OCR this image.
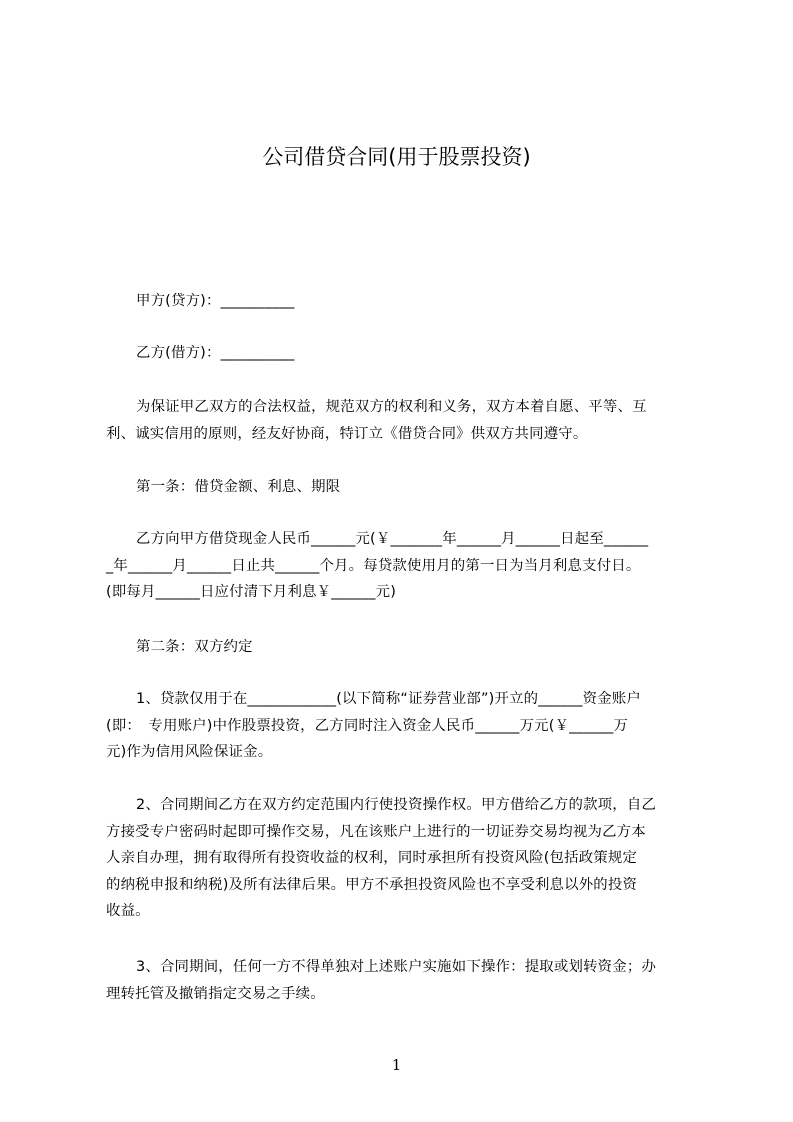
公司借贷合同(用于股票投资)
甲方(贷方)：__________
乙方(借方)：__________
为保证甲乙双方的合法权益，规范双方的权利和义务，双方本着自愿、平等、互
利、诚实信用的原则，经友好协商，特订立《借贷合同》供双方共同遵守。
第一条：借贷金额、利息、期限
乙方向甲方借贷现金人民币______元(￥_______年______月______日起至______
_年______月______日止共______个月。每贷款使用月的第一日为当月利息支付日。
(即每月______日应付清下月利息￥______元)
第二条：双方约定
1、贷款仅用于在____________(以下简称“证券营业部”)开立的______资金账户
(即：　专用账户)中作股票投资，乙方同时注入资金人民币______万元(￥______万
元)作为信用风险保证金。
2、合同期间乙方在双方约定范围内行使投资操作权。甲方借给乙方的款项，自乙
方接受专户密码时起即可操作交易，凡在该账户上进行的一切证券交易均视为乙方本
人亲自办理，拥有取得所有投资收益的权利，同时承担所有投资风险(包括政策规定
的纳税申报和纳税)及所有法律后果。甲方不承担投资风险也不享受利息以外的投资
收益。
3、合同期间，任何一方不得单独对上述账户实施如下操作：提取或划转资金；办
理转托管及撤销指定交易之手续。
1
